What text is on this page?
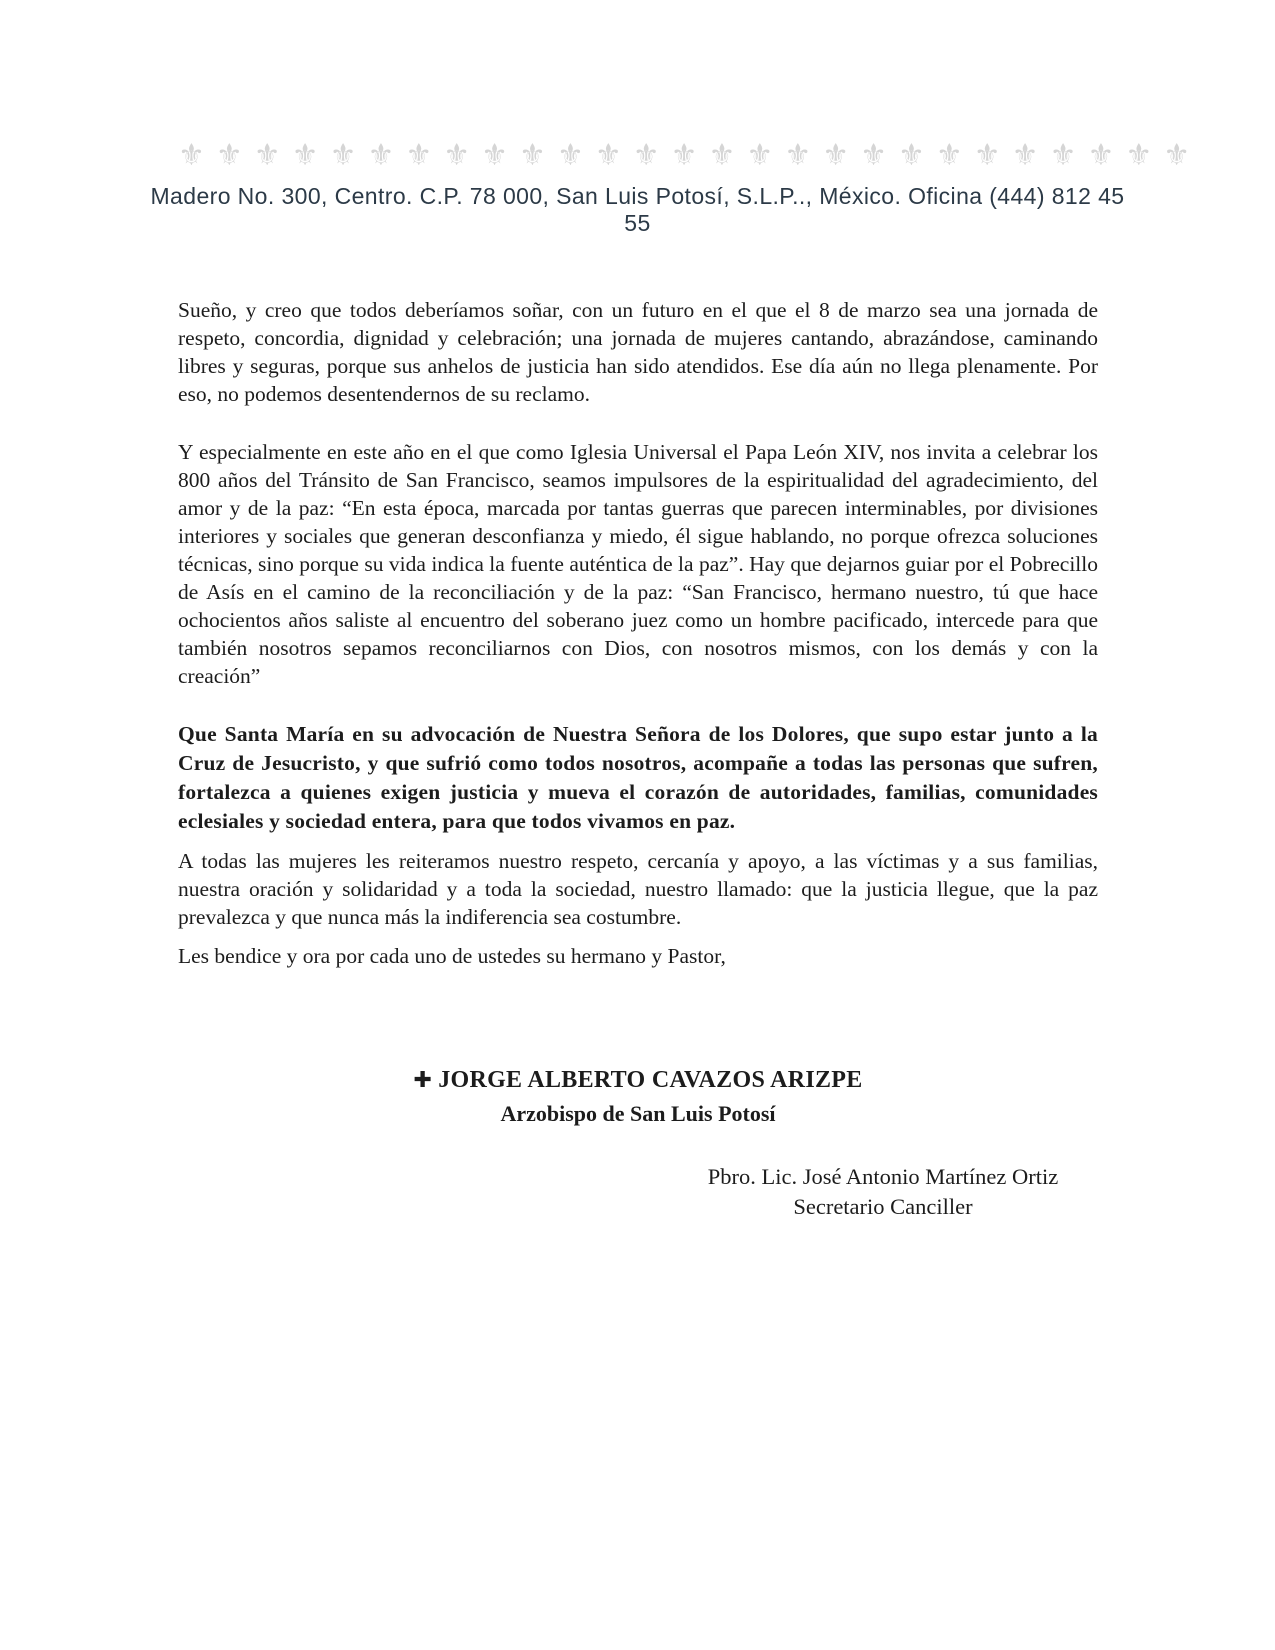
⚜⚜⚜⚜⚜⚜⚜⚜⚜⚜⚜⚜⚜⚜⚜⚜⚜⚜⚜⚜⚜⚜⚜⚜⚜⚜⚜
Madero No. 300, Centro. C.P. 78 000, San Luis Potosí, S.L.P.., México. Oficina (444) 812 45 55

Sueño, y creo que todos deberíamos soñar, con un futuro en el que el 8 de marzo sea una jornada de respeto, concordia, dignidad y celebración; una jornada de mujeres cantando, abrazándose, caminando libres y seguras, porque sus anhelos de justicia han sido atendidos. Ese día aún no llega plenamente. Por eso, no podemos desentendernos de su reclamo.

Y especialmente en este año en el que como Iglesia Universal el Papa León XIV, nos invita a celebrar los 800 años del Tránsito de San Francisco, seamos impulsores de la espiritualidad del agradecimiento, del amor y de la paz: “En esta época, marcada por tantas guerras que parecen interminables, por divisiones interiores y sociales que generan desconfianza y miedo, él sigue hablando, no porque ofrezca soluciones técnicas, sino porque su vida indica la fuente auténtica de la paz”. Hay que dejarnos guiar por el Pobrecillo de Asís en el camino de la reconciliación y de la paz: “San Francisco, hermano nuestro, tú que hace ochocientos años saliste al encuentro del soberano juez como un hombre pacificado, intercede para que también nosotros sepamos reconciliarnos con Dios, con nosotros mismos, con los demás y con la creación”

Que Santa María en su advocación de Nuestra Señora de los Dolores, que supo estar junto a la Cruz de Jesucristo, y que sufrió como todos nosotros, acompañe a todas las personas que sufren, fortalezca a quienes exigen justicia y mueva el corazón de autoridades, familias, comunidades eclesiales y sociedad entera, para que todos vivamos en paz.

A todas las mujeres les reiteramos nuestro respeto, cercanía y apoyo, a las víctimas y a sus familias, nuestra oración y solidaridad y a toda la sociedad, nuestro llamado: que la justicia llegue, que la paz prevalezca y que nunca más la indiferencia sea costumbre.

Les bendice y ora por cada uno de ustedes su hermano y Pastor,

✚ JORGE ALBERTO CAVAZOS ARIZPE
Arzobispo de San Luis Potosí
Pbro. Lic. José Antonio Martínez Ortiz
Secretario Canciller
